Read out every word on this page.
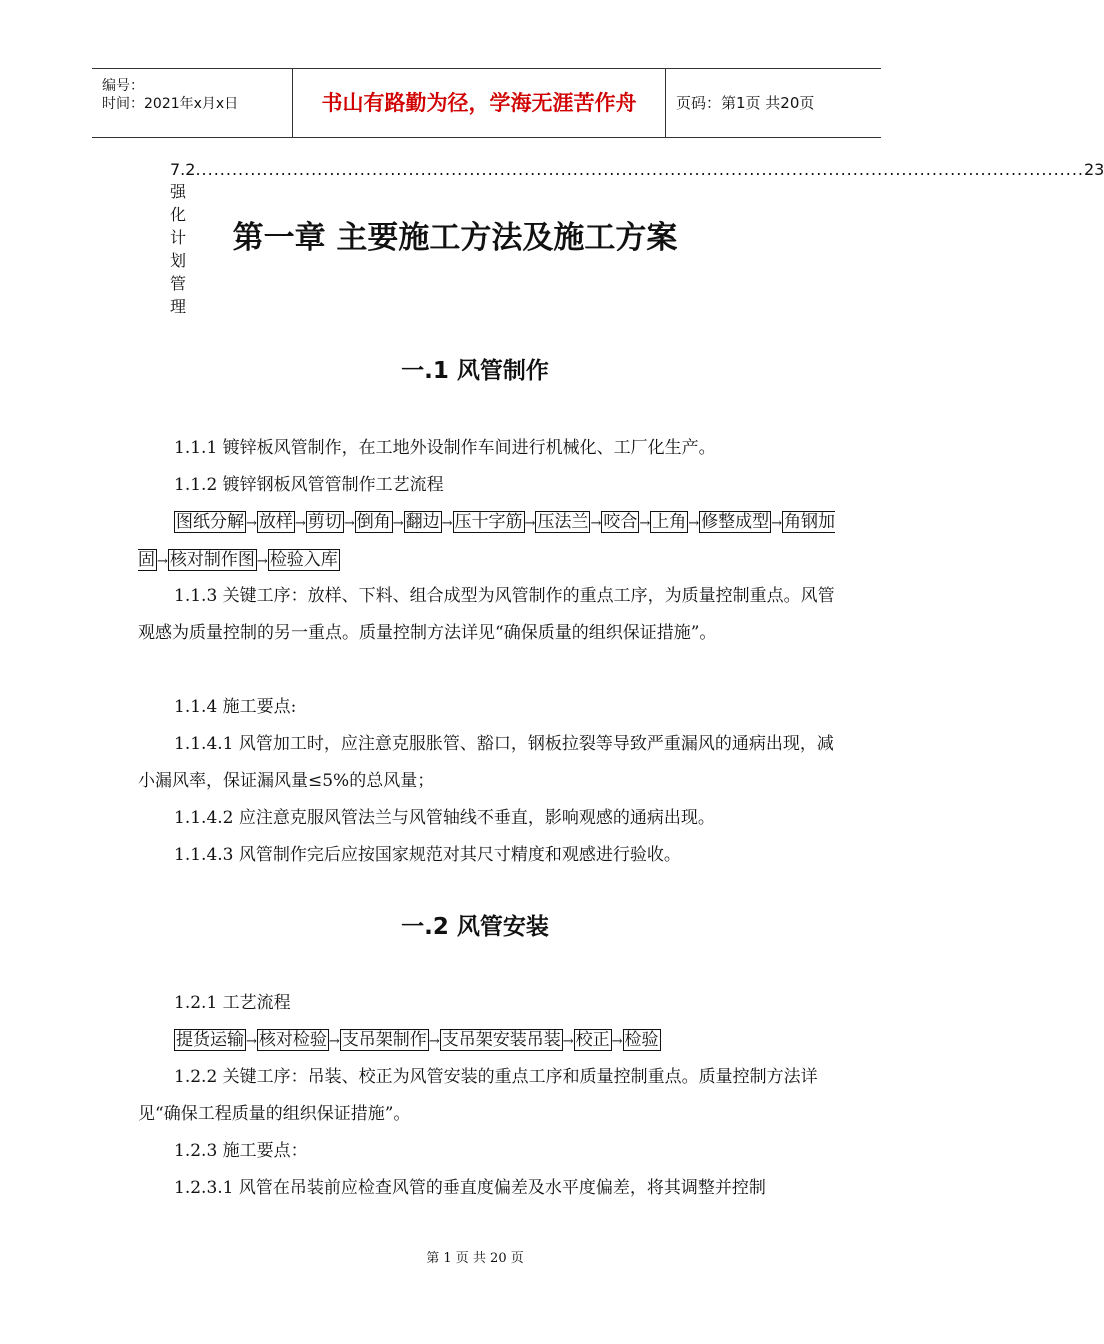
编号：
时间：2021年x月x日	书山有路勤为径，学海无涯苦作舟	页码：第1页 共20页
7.2 强化计划管理
.................................................................................................................................................. 23
第一章 主要施工方法及施工方案
一.1 风管制作
1.1.1 镀锌板风管制作，在工地外设制作车间进行机械化、工厂化生产。
1.1.2 镀锌钢板风管管制作工艺流程
图纸分解 → 放样 → 剪切 → 倒角 → 翻边 → 压十字筋 → 压法兰 → 咬合 → 上角 → 修整成型 → 角钢加固 → 核对制作图 → 检验入库
1.1.3 关键工序：放样、下料、组合成型为风管制作的重点工序，为质量控制重点。风管观感为质量控制的另一重点。质量控制方法详见“确保质量的组织保证措施”。
1.1.4 施工要点:
1.1.4.1 风管加工时，应注意克服胀管、豁口，钢板拉裂等导致严重漏风的通病出现，减小漏风率，保证漏风量≤5%的总风量；
1.1.4.2 应注意克服风管法兰与风管轴线不垂直，影响观感的通病出现。
1.1.4.3 风管制作完后应按国家规范对其尺寸精度和观感进行验收。
一.2 风管安装
1.2.1 工艺流程
提货运输 → 核对检验 → 支吊架制作 → 支吊架安装吊装 → 校正 → 检验
1.2.2 关键工序：吊装、校正为风管安装的重点工序和质量控制重点。质量控制方法详见“确保工程质量的组织保证措施”。
1.2.3 施工要点：
1.2.3.1 风管在吊装前应检查风管的垂直度偏差及水平度偏差，将其调整并控制
第 1 页 共 20 页
